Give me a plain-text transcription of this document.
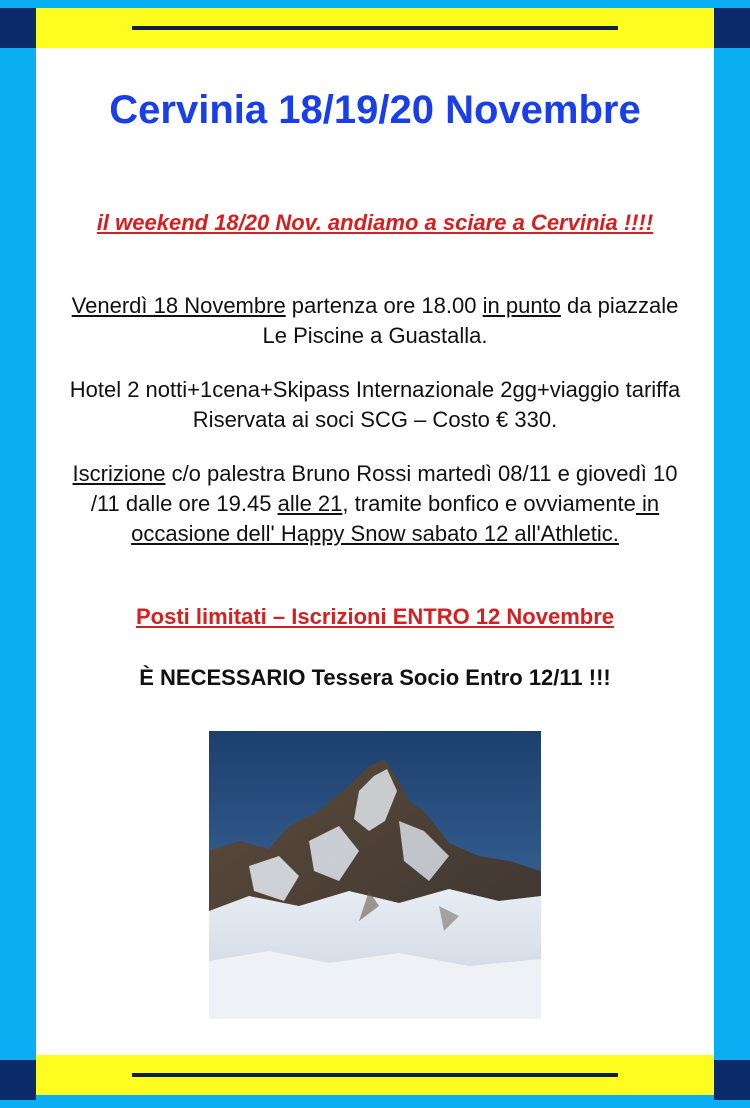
Cervinia 18/19/20 Novembre
il weekend 18/20 Nov. andiamo a sciare a Cervinia !!!!
Venerdì 18 Novembre partenza ore 18.00 in punto da piazzale Le Piscine a Guastalla.
Hotel 2 notti+1cena+Skipass Internazionale 2gg+viaggio tariffa Riservata ai soci SCG – Costo € 330.
Iscrizione c/o palestra Bruno Rossi martedì 08/11 e giovedì 10 /11 dalle ore 19.45 alle 21, tramite bonfico e ovviamente in occasione dell' Happy Snow sabato 12 all'Athletic.
Posti limitati – Iscrizioni ENTRO 12 Novembre
È NECESSARIO Tessera Socio Entro 12/11 !!!
